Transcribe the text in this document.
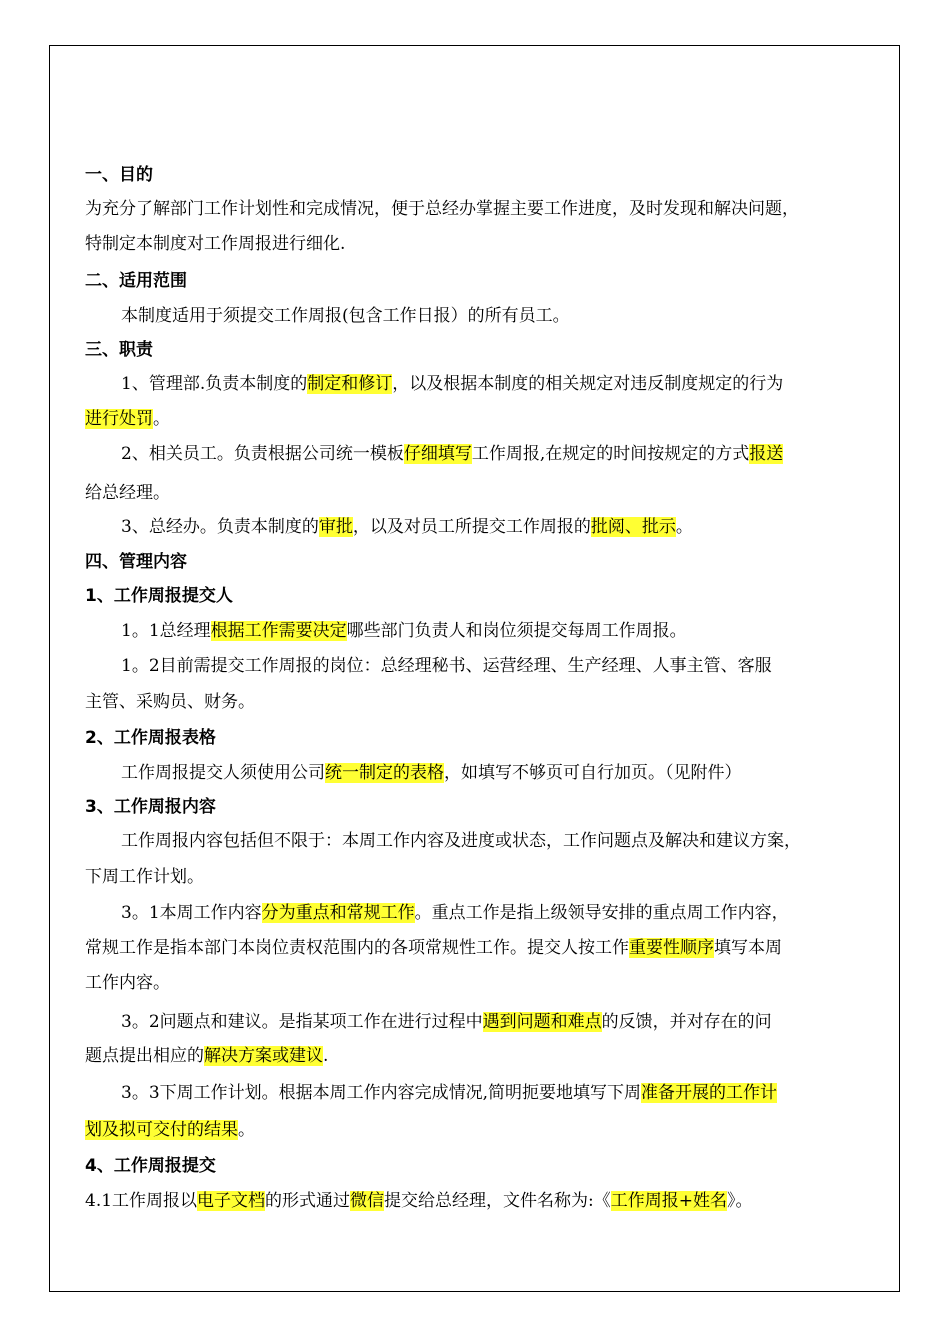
一、目的
为充分了解部门工作计划性和完成情况，便于总经办掌握主要工作进度，及时发现和解决问题，
特制定本制度对工作周报进行细化.
二、适用范围
本制度适用于须提交工作周报(包含工作日报）的所有员工。
三、职责
1、管理部.负责本制度的制定和修订，以及根据本制度的相关规定对违反制度规定的行为
进行处罚。
2、相关员工。负责根据公司统一模板仔细填写工作周报,在规定的时间按规定的方式报送
给总经理。
3、总经办。负责本制度的审批，以及对员工所提交工作周报的批阅、批示。
四、管理内容
1、工作周报提交人
1。1总经理根据工作需要决定哪些部门负责人和岗位须提交每周工作周报。
1。2目前需提交工作周报的岗位：总经理秘书、运营经理、生产经理、人事主管、客服
主管、采购员、财务。
2、工作周报表格
工作周报提交人须使用公司统一制定的表格，如填写不够页可自行加页。（见附件）
3、工作周报内容
工作周报内容包括但不限于：本周工作内容及进度或状态，工作问题点及解决和建议方案，
下周工作计划。
3。1本周工作内容分为重点和常规工作。重点工作是指上级领导安排的重点周工作内容，
常规工作是指本部门本岗位责权范围内的各项常规性工作。提交人按工作重要性顺序填写本周
工作内容。
3。2问题点和建议。是指某项工作在进行过程中遇到问题和难点的反馈，并对存在的问
题点提出相应的解决方案或建议.
3。3下周工作计划。根据本周工作内容完成情况,简明扼要地填写下周准备开展的工作计
划及拟可交付的结果。
4、工作周报提交
4.1工作周报以电子文档的形式通过微信提交给总经理，文件名称为:《工作周报+姓名》。
